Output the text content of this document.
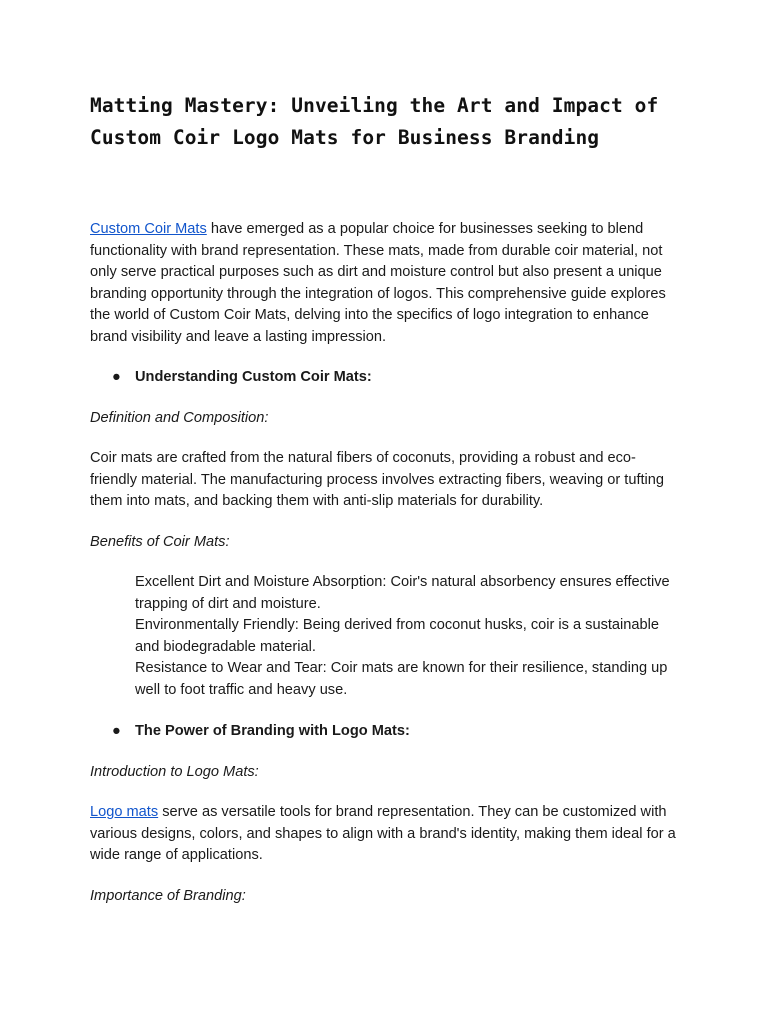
Matting Mastery: Unveiling the Art and Impact of Custom Coir Logo Mats for Business Branding

Custom Coir Mats have emerged as a popular choice for businesses seeking to blend functionality with brand representation. These mats, made from durable coir material, not only serve practical purposes such as dirt and moisture control but also present a unique branding opportunity through the integration of logos. This comprehensive guide explores the world of Custom Coir Mats, delving into the specifics of logo integration to enhance brand visibility and leave a lasting impression.

● Understanding Custom Coir Mats:
Definition and Composition:

Coir mats are crafted from the natural fibers of coconuts, providing a robust and eco-friendly material. The manufacturing process involves extracting fibers, weaving or tufting them into mats, and backing them with anti-slip materials for durability.

Benefits of Coir Mats:

Excellent Dirt and Moisture Absorption: Coir's natural absorbency ensures effective trapping of dirt and moisture.

Environmentally Friendly: Being derived from coconut husks, coir is a sustainable and biodegradable material.

Resistance to Wear and Tear: Coir mats are known for their resilience, standing up well to foot traffic and heavy use.

● The Power of Branding with Logo Mats:
Introduction to Logo Mats:

Logo mats serve as versatile tools for brand representation. They can be customized with various designs, colors, and shapes to align with a brand's identity, making them ideal for a wide range of applications.

Importance of Branding:
